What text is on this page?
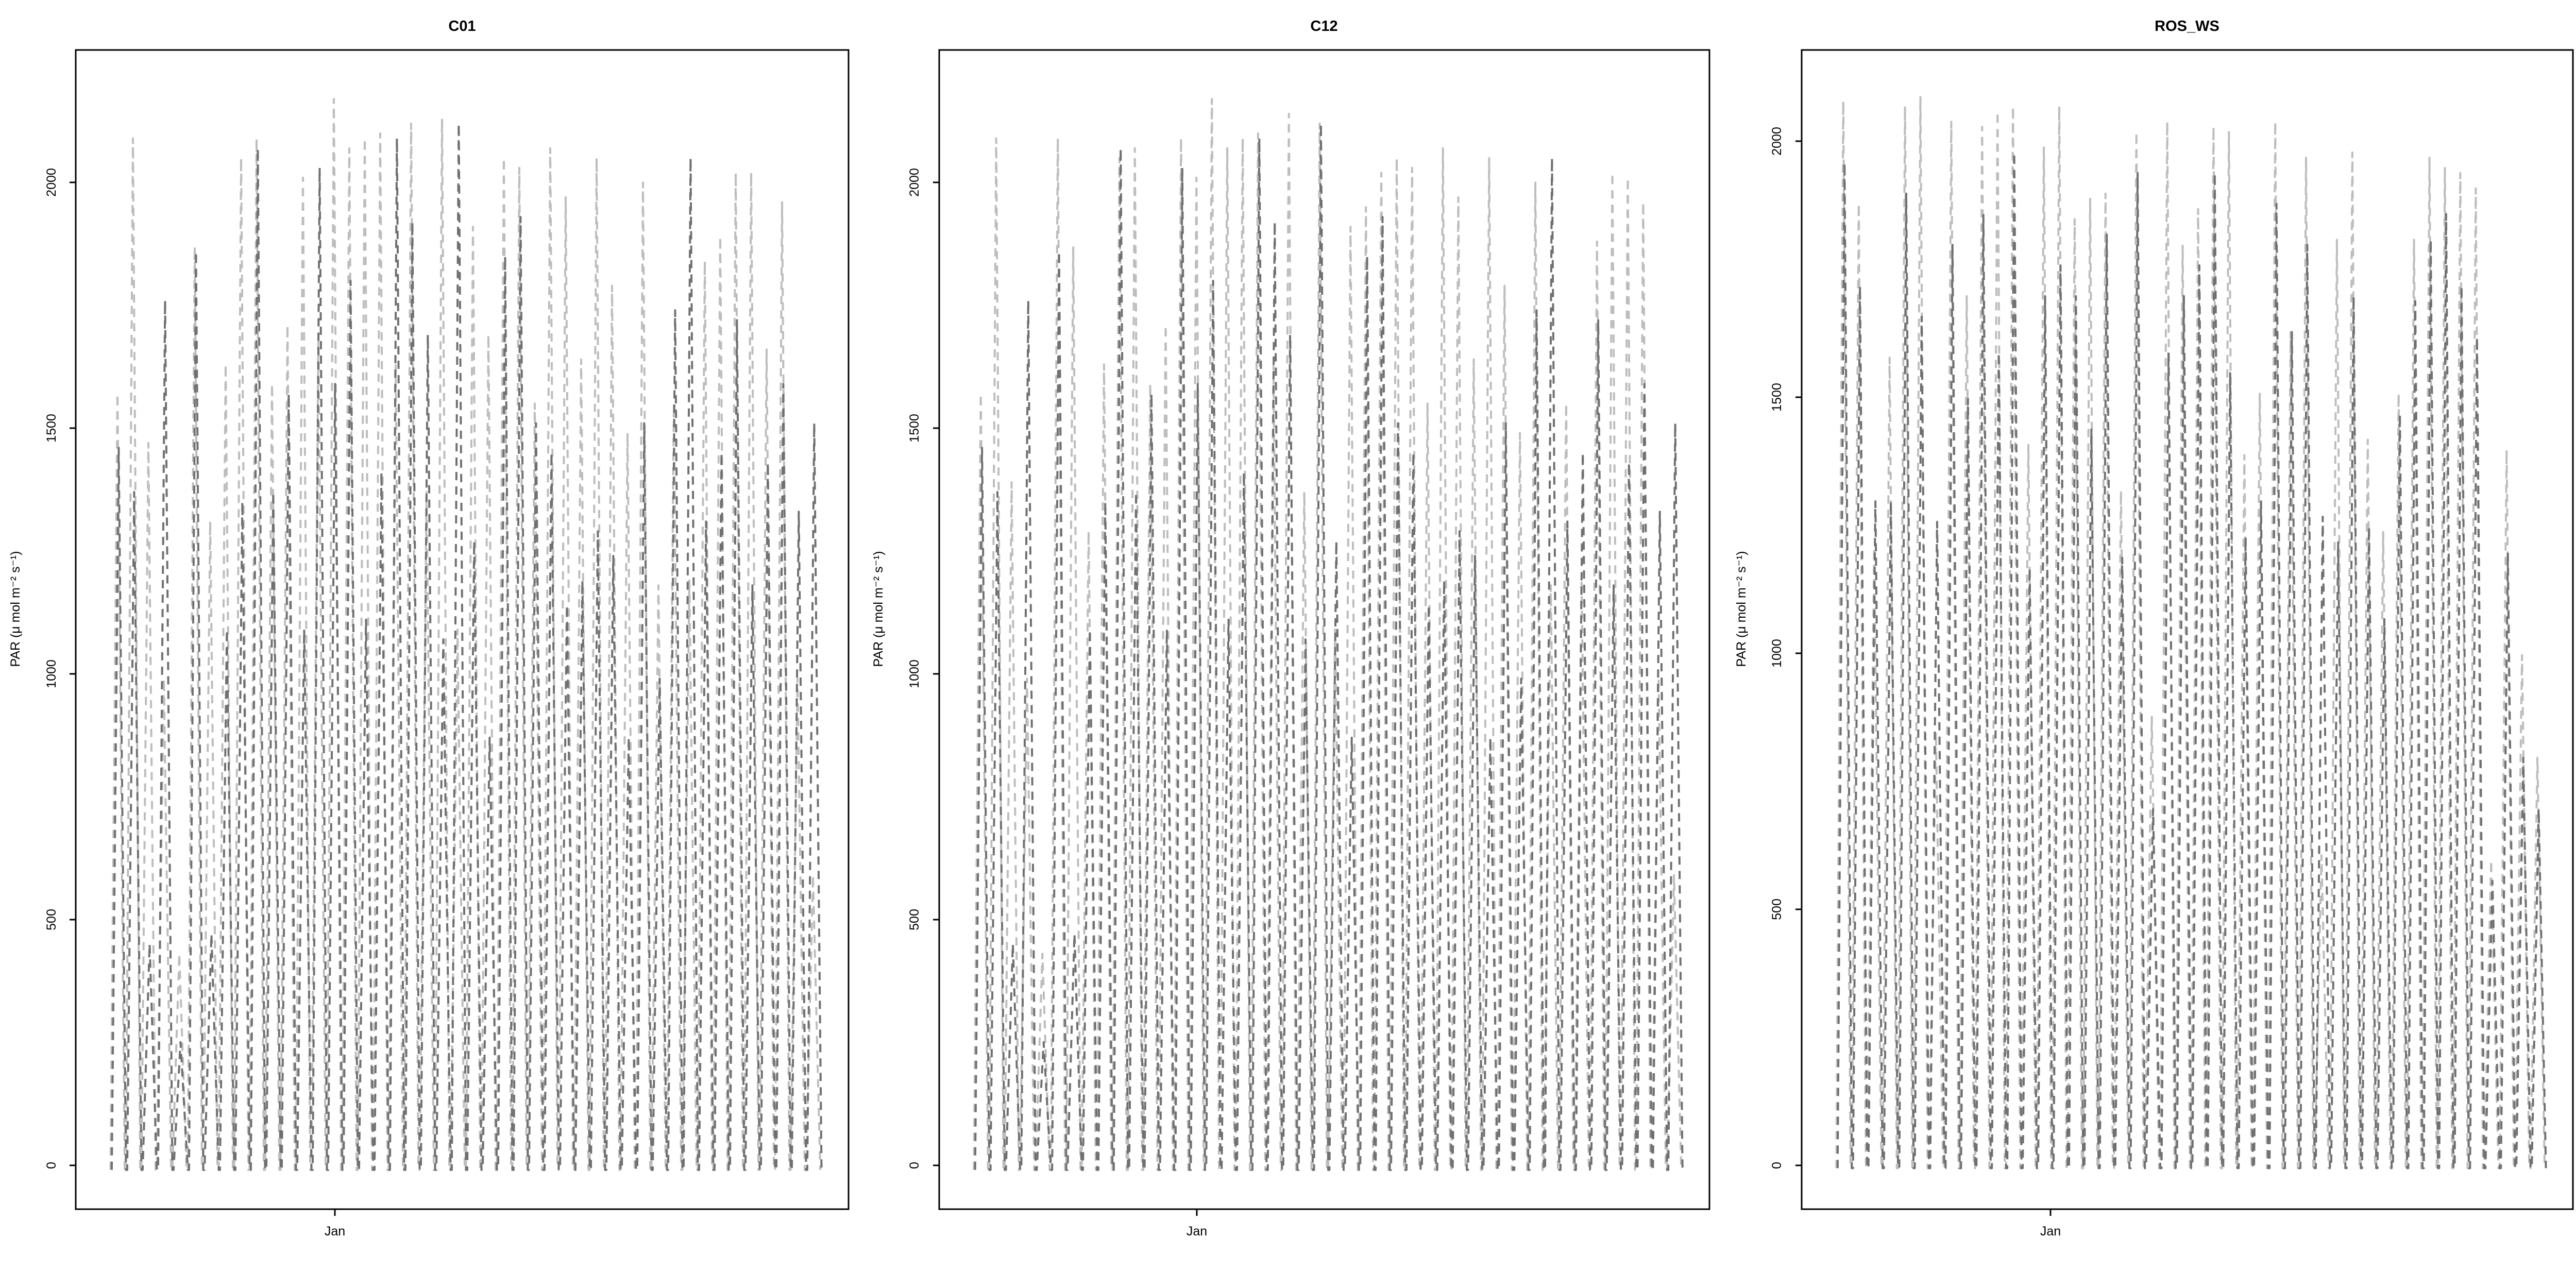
C01
PAR (μ mol m⁻² s⁻¹)
0
500
1000
1500
2000
Jan
C12
PAR (μ mol m⁻² s⁻¹)
0
500
1000
1500
2000
Jan
ROS_WS
PAR (μ mol m⁻² s⁻¹)
0
500
1000
1500
2000
Jan
